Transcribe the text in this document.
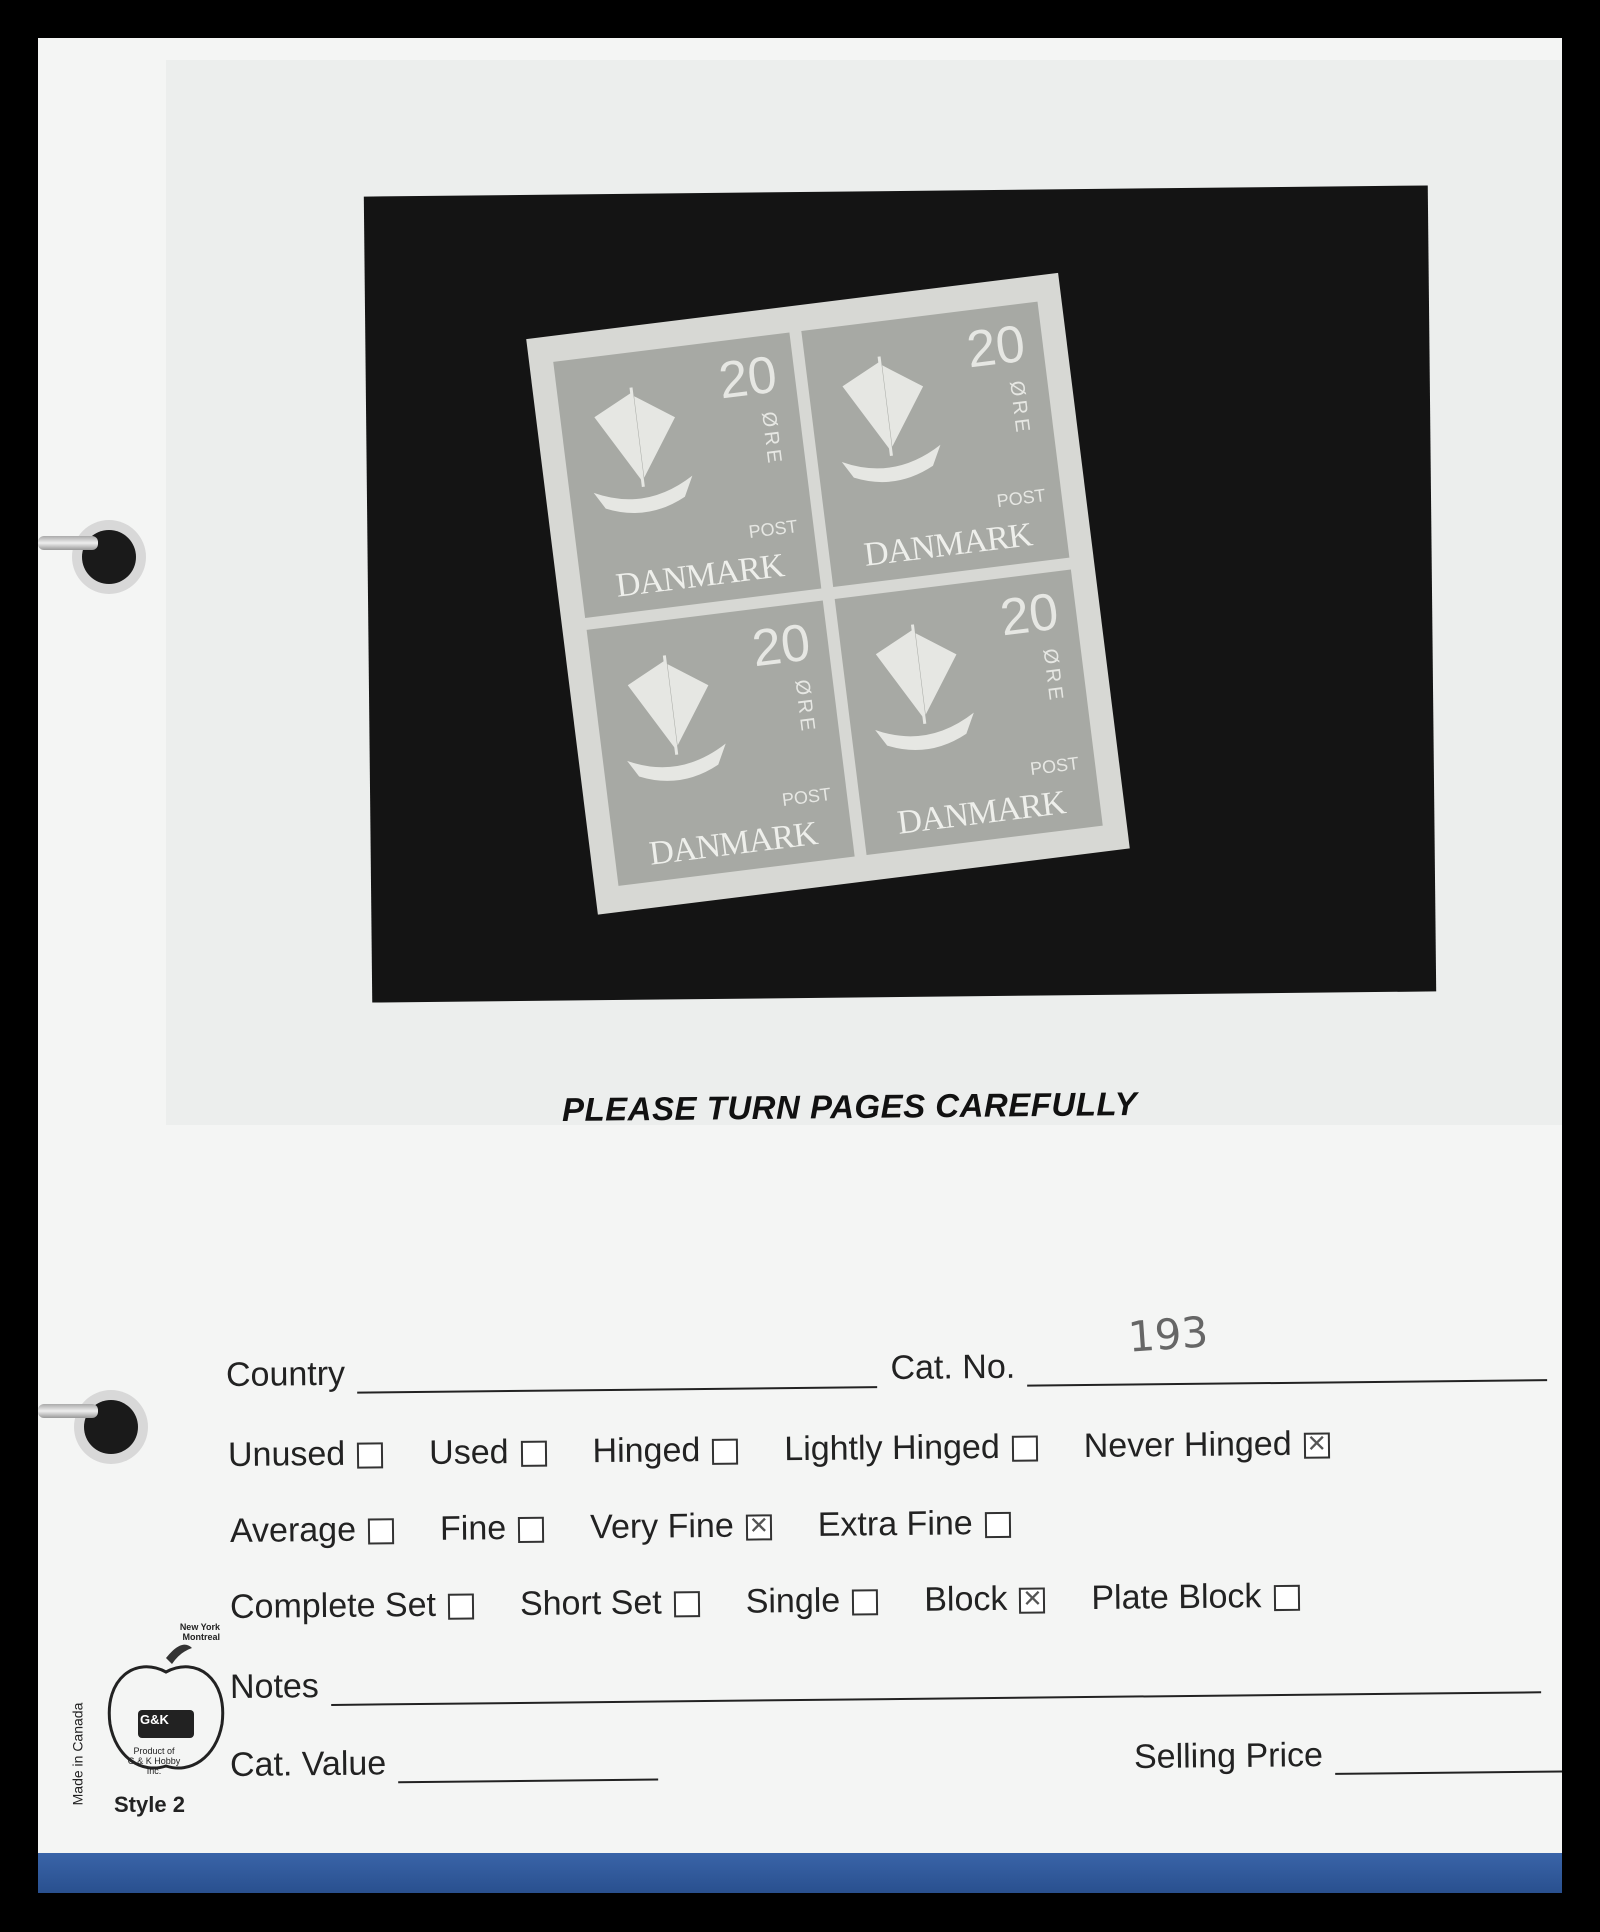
20
ØRE
POST
DANMARK
20
ØRE
POST
DANMARK
20
ØRE
POST
DANMARK
20
ØRE
POST
DANMARK
PLEASE TURN PAGES CAREFULLY
Country	Cat. No.
193
Unused Used Hinged Lightly Hinged Never Hinged✕
Average Fine Very Fine ✕ Extra Fine
Complete Set Short Set Single Block ✕ Plate Block
Notes
Cat. Value	Selling Price
G&K
New York
Montreal
Product of
G & K Hobby
Inc.
Made in Canada Style 2
